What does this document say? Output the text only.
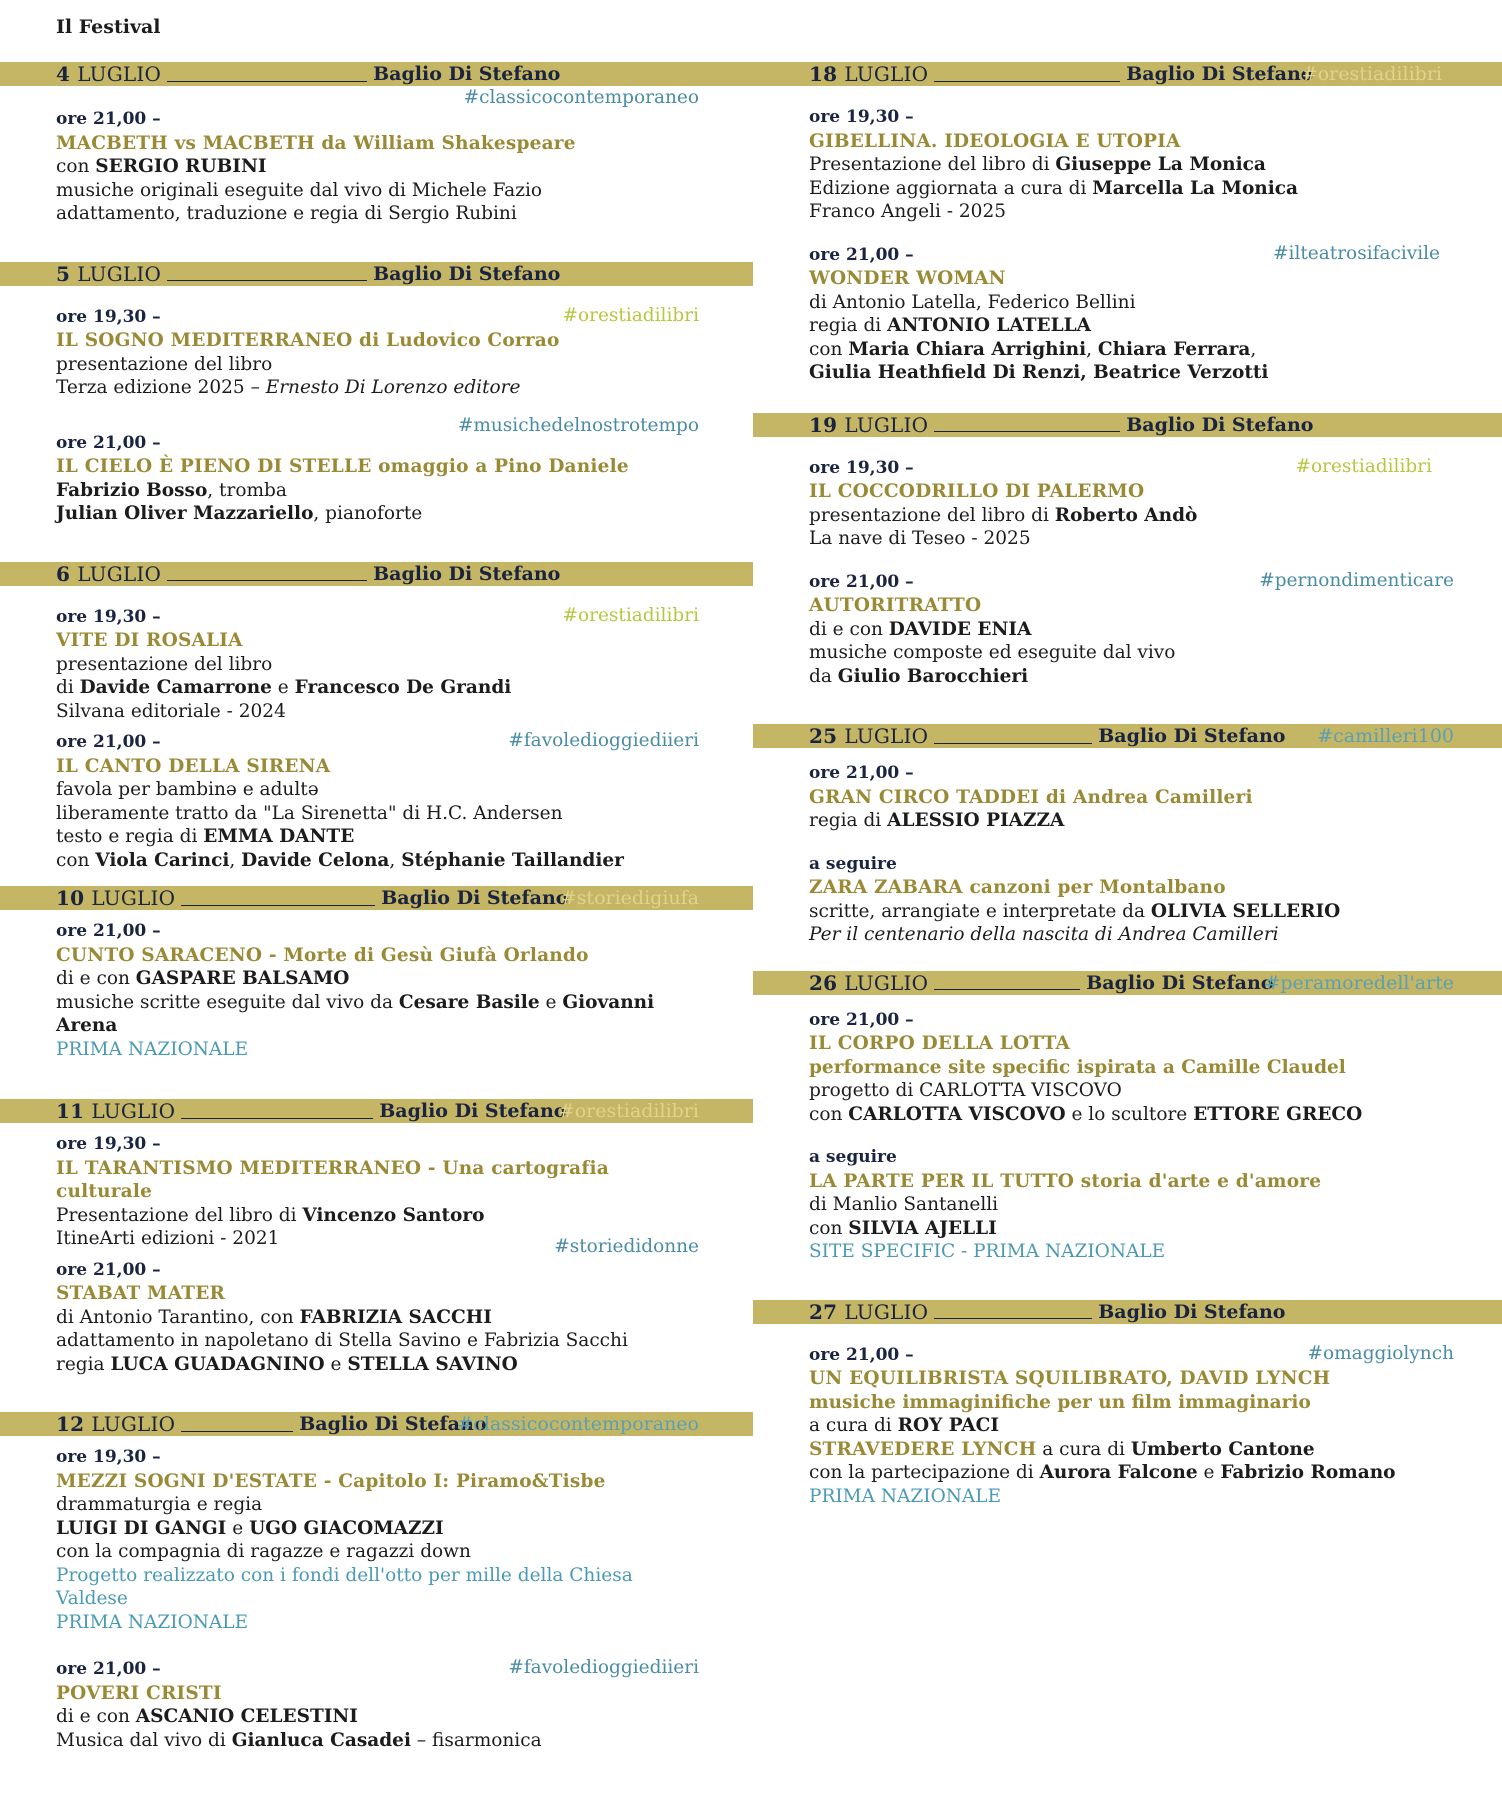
Il Festival
4 LUGLIO	Baglio Di Stefano
#classicocontemporaneo
ore 21,00 –
MACBETH vs MACBETH da William Shakespeare
con SERGIO RUBINI
musiche originali eseguite dal vivo di Michele Fazio
adattamento, traduzione e regia di Sergio Rubini
5 LUGLIO	Baglio Di Stefano
#orestiadilibri
ore 19,30 –
IL SOGNO MEDITERRANEO di Ludovico Corrao
presentazione del libro
Terza edizione 2025 – Ernesto Di Lorenzo editore
#musichedelnostrotempo
ore 21,00 –
IL CIELO È PIENO DI STELLE omaggio a Pino Daniele
Fabrizio Bosso, tromba
Julian Oliver Mazzariello, pianoforte
6 LUGLIO	Baglio Di Stefano
#orestiadilibri
ore 19,30 –
VITE DI ROSALIA
presentazione del libro
di Davide Camarrone e Francesco De Grandi
Silvana editoriale - 2024
#favoledioggiediieri
ore 21,00 –
IL CANTO DELLA SIRENA
favola per bambinə e adultə
liberamente tratto da "La Sirenetta" di H.C. Andersen
testo e regia di EMMA DANTE
con Viola Carinci, Davide Celona, Stéphanie Taillandier
10 LUGLIO	Baglio Di Stefano
#storiedigiufa
ore 21,00 –
CUNTO SARACENO - Morte di Gesù Giufà Orlando
di e con GASPARE BALSAMO
musiche scritte eseguite dal vivo da Cesare Basile e Giovanni Arena
PRIMA NAZIONALE
11 LUGLIO	Baglio Di Stefano
#orestiadilibri
ore 19,30 –
IL TARANTISMO MEDITERRANEO - Una cartografia culturale
Presentazione del libro di Vincenzo Santoro
ItineArti edizioni - 2021	#storiedidonne
ore 21,00 –
STABAT MATER
di Antonio Tarantino, con FABRIZIA SACCHI
adattamento in napoletano di Stella Savino e Fabrizia Sacchi
regia LUCA GUADAGNINO e STELLA SAVINO
12 LUGLIO	Baglio Di Stefano
#classicocontemporaneo
ore 19,30 –
MEZZI SOGNI D'ESTATE - Capitolo I: Piramo&Tisbe
drammaturgia e regia
LUIGI DI GANGI e UGO GIACOMAZZI
con la compagnia di ragazze e ragazzi down
Progetto realizzato con i fondi dell'otto per mille della Chiesa Valdese
PRIMA NAZIONALE
#favoledioggiediieri
ore 21,00 –
POVERI CRISTI
di e con ASCANIO CELESTINI
Musica dal vivo di Gianluca Casadei – fisarmonica
18 LUGLIO	Baglio Di Stefano
#orestiadilibri
ore 19,30 –
GIBELLINA. IDEOLOGIA E UTOPIA
Presentazione del libro di Giuseppe La Monica
Edizione aggiornata a cura di Marcella La Monica
Franco Angeli - 2025
#ilteatrosifacivile
ore 21,00 –
WONDER WOMAN
di Antonio Latella, Federico Bellini
regia di ANTONIO LATELLA
con Maria Chiara Arrighini, Chiara Ferrara,
Giulia Heathfield Di Renzi, Beatrice Verzotti
19 LUGLIO	Baglio Di Stefano
#orestiadilibri
ore 19,30 –
IL COCCODRILLO DI PALERMO
presentazione del libro di Roberto Andò
La nave di Teseo - 2025
#pernondimenticare
ore 21,00 –
AUTORITRATTO
di e con DAVIDE ENIA
musiche composte ed eseguite dal vivo
da Giulio Barocchieri
25 LUGLIO	Baglio Di Stefano #camilleri100
ore 21,00 –
GRAN CIRCO TADDEI di Andrea Camilleri
regia di ALESSIO PIAZZA
a seguire
ZARA ZABARA canzoni per Montalbano
scritte, arrangiate e interpretate da OLIVIA SELLERIO
Per il centenario della nascita di Andrea Camilleri
26 LUGLIO	Baglio Di Stefano
#peramoredell'arte
ore 21,00 –
IL CORPO DELLA LOTTA
performance site specific ispirata a Camille Claudel
progetto di CARLOTTA VISCOVO
con CARLOTTA VISCOVO e lo scultore ETTORE GRECO
a seguire
LA PARTE PER IL TUTTO storia d'arte e d'amore
di Manlio Santanelli
con SILVIA AJELLI
SITE SPECIFIC - PRIMA NAZIONALE
27 LUGLIO	Baglio Di Stefano
#omaggiolynch
ore 21,00 –
UN EQUILIBRISTA SQUILIBRATO, DAVID LYNCH
musiche immaginifiche per un film immaginario
a cura di ROY PACI
STRAVEDERE LYNCH a cura di Umberto Cantone
con la partecipazione di Aurora Falcone e Fabrizio Romano
PRIMA NAZIONALE
